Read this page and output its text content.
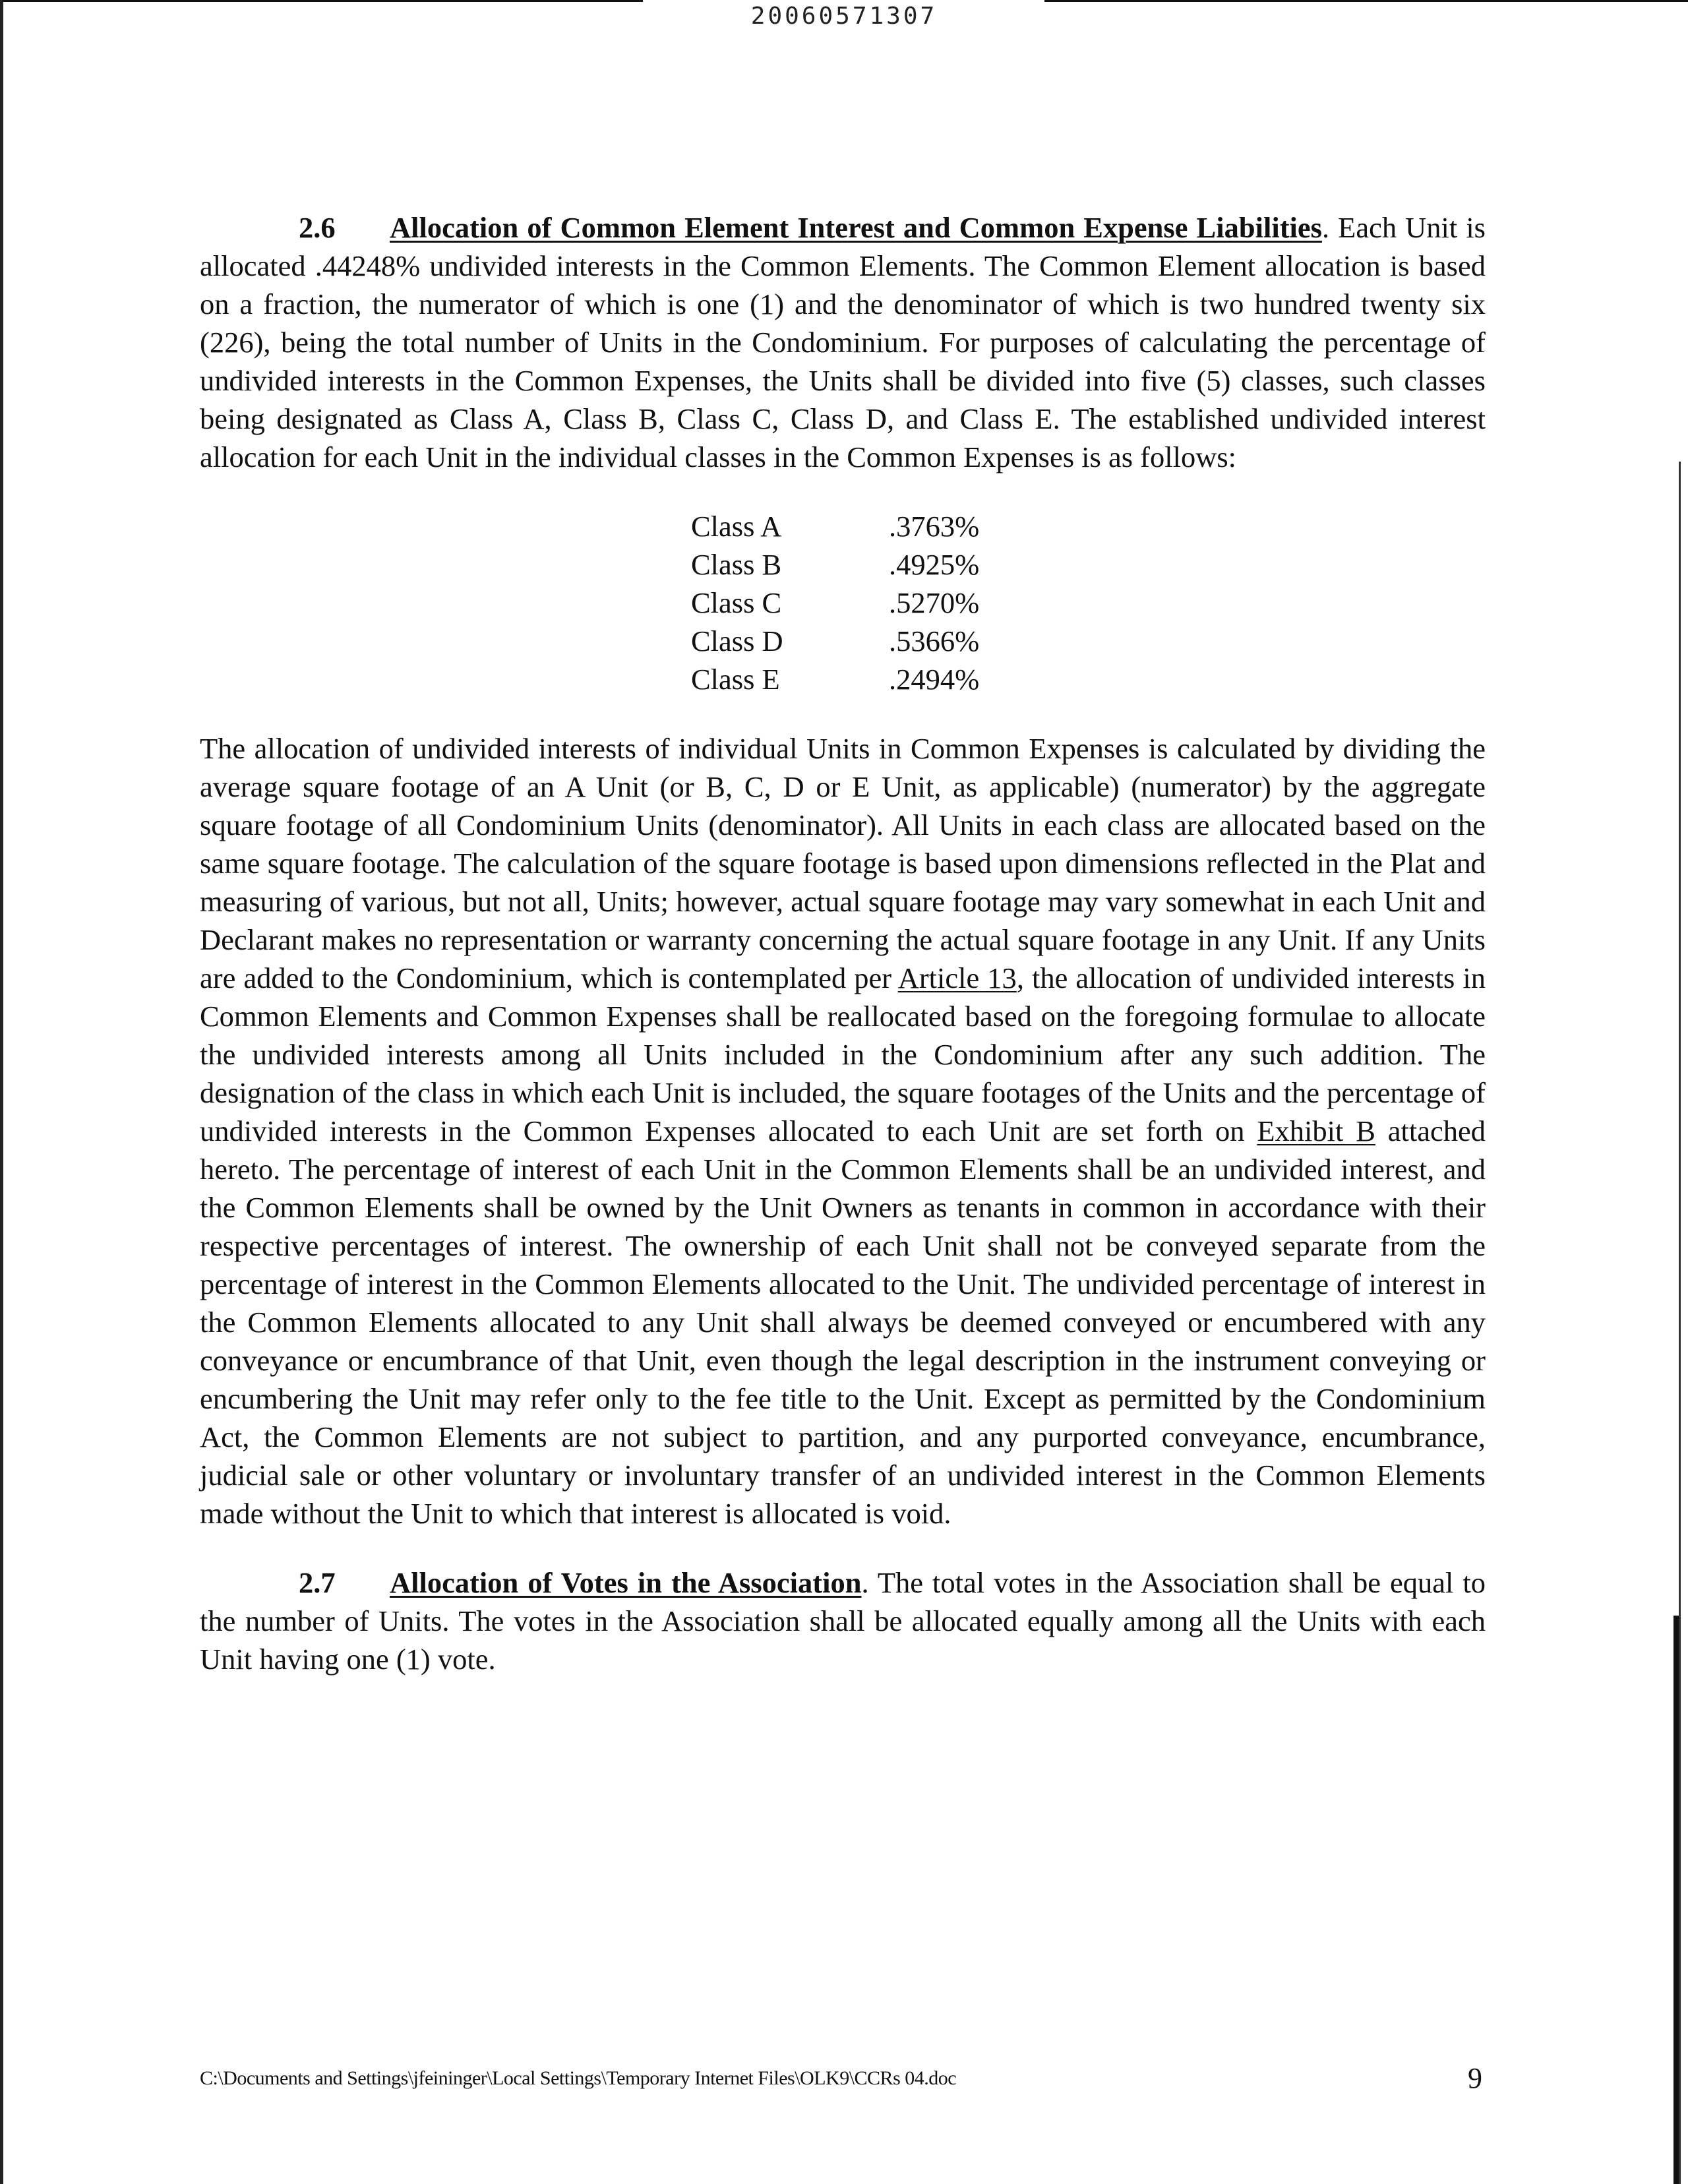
20060571307

2.6 Allocation of Common Element Interest and Common Expense Liabilities. Each Unit is allocated .44248% undivided interests in the Common Elements. The Common Element allocation is based on a fraction, the numerator of which is one (1) and the denominator of which is two hundred twenty six (226), being the total number of Units in the Condominium. For purposes of calculating the percentage of undivided interests in the Common Expenses, the Units shall be divided into five (5) classes, such classes being designated as Class A, Class B, Class C, Class D, and Class E. The established undivided interest allocation for each Unit in the individual classes in the Common Expenses is as follows:

Class A	.3763%
Class B	.4925%
Class C	.5270%
Class D	.5366%
Class E	.2494%

The allocation of undivided interests of individual Units in Common Expenses is calculated by dividing the average square footage of an A Unit (or B, C, D or E Unit, as applicable) (numerator) by the aggregate square footage of all Condominium Units (denominator). All Units in each class are allocated based on the same square footage. The calculation of the square footage is based upon dimensions reflected in the Plat and measuring of various, but not all, Units; however, actual square footage may vary somewhat in each Unit and Declarant makes no representation or warranty concerning the actual square footage in any Unit. If any Units are added to the Condominium, which is contemplated per Article 13, the allocation of undivided interests in Common Elements and Common Expenses shall be reallocated based on the foregoing formulae to allocate the undivided interests among all Units included in the Condominium after any such addition. The designation of the class in which each Unit is included, the square footages of the Units and the percentage of undivided interests in the Common Expenses allocated to each Unit are set forth on Exhibit B attached hereto. The percentage of interest of each Unit in the Common Elements shall be an undivided interest, and the Common Elements shall be owned by the Unit Owners as tenants in common in accordance with their respective percentages of interest. The ownership of each Unit shall not be conveyed separate from the percentage of interest in the Common Elements allocated to the Unit. The undivided percentage of interest in the Common Elements allocated to any Unit shall always be deemed conveyed or encumbered with any conveyance or encumbrance of that Unit, even though the legal description in the instrument conveying or encumbering the Unit may refer only to the fee title to the Unit. Except as permitted by the Condominium Act, the Common Elements are not subject to partition, and any purported conveyance, encumbrance, judicial sale or other voluntary or involuntary transfer of an undivided interest in the Common Elements made without the Unit to which that interest is allocated is void.

2.7 Allocation of Votes in the Association. The total votes in the Association shall be equal to the number of Units. The votes in the Association shall be allocated equally among all the Units with each Unit having one (1) vote.

C:\Documents and Settings\jfeininger\Local Settings\Temporary Internet Files\OLK9\CCRs 04.doc	9
